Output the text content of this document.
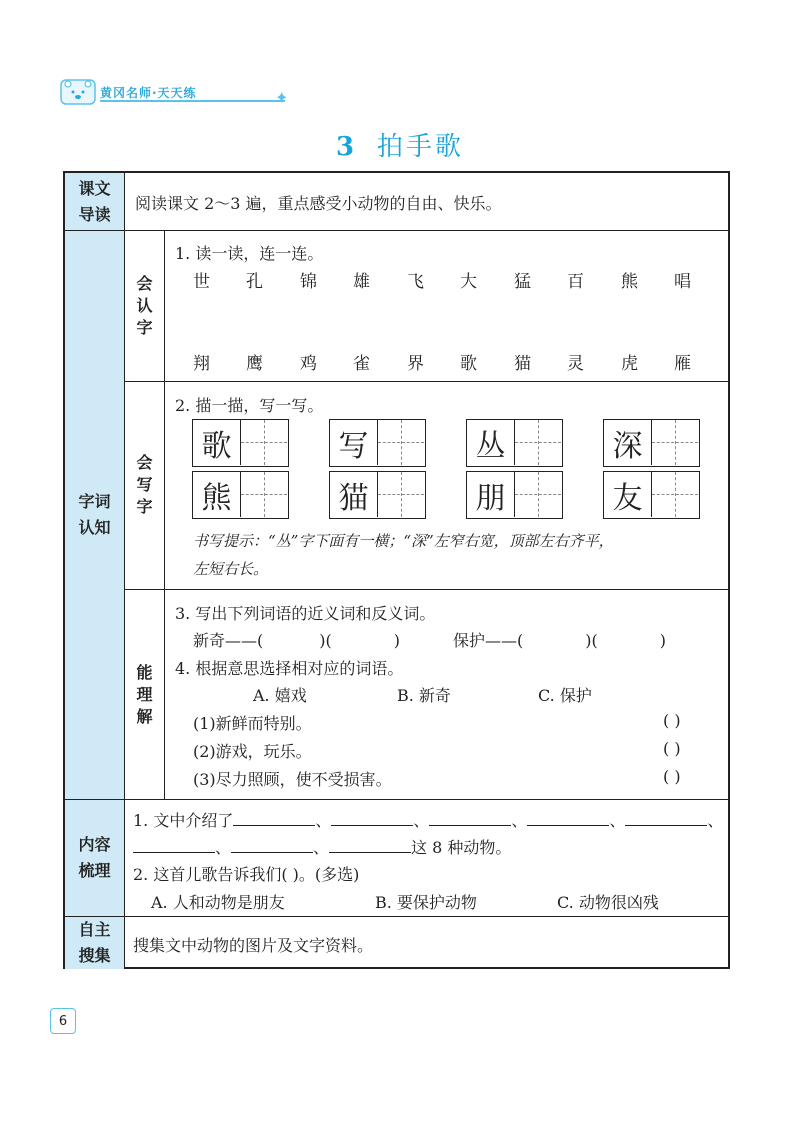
黄冈名师·天天练	✦
3 拍手歌
课文导读
阅读课文 2～3 遍，重点感受小动物的自由、快乐。
字词认知
会认字
1. 读一读，连一连。
世 孔 锦 雄 飞 大 猛 百 熊 唱
翔 鹰 鸡 雀 界 歌 猫 灵 虎 雁
会写字
2. 描一描，写一写。
歌	写	丛	深
熊	猫	朋	友
书写提示：“丛”字下面有一横；“深”左窄右宽，顶部左右齐平，
左短右长。
能理解
3. 写出下列词语的近义词和反义词。
新奇——(	)(	)	保护——(	)(	)
4. 根据意思选择相对应的词语。
A. 嬉戏	B. 新奇	C. 保护
(1)新鲜而特别。	( )
(2)游戏，玩乐。	( )
(3)尽力照顾，使不受损害。	( )
内容梳理
1. 文中介绍了	、	、	、	、	、
、	、	这 8 种动物。
2. 这首儿歌告诉我们( )。(多选)
A. 人和动物是朋友	B. 要保护动物	C. 动物很凶残
自主搜集
搜集文中动物的图片及文字资料。
6
